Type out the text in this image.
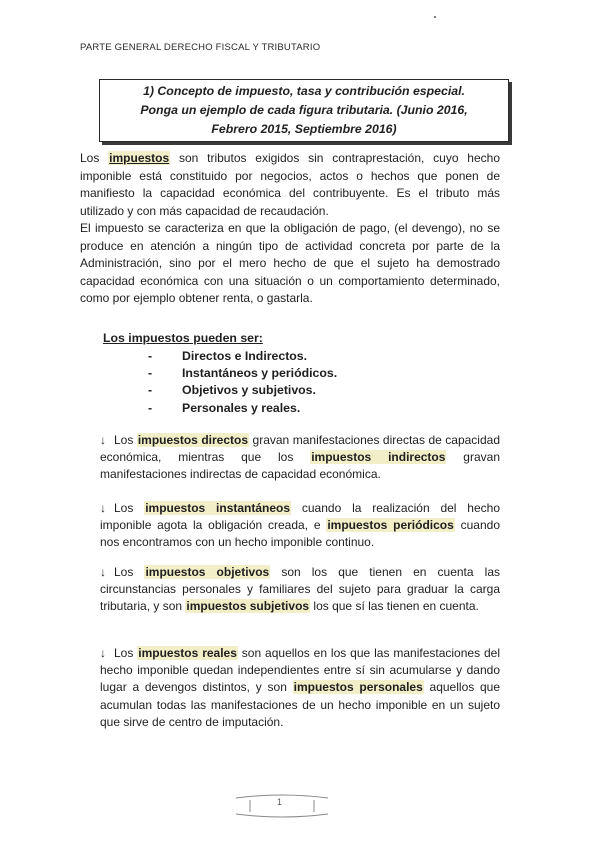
PARTE GENERAL DERECHO FISCAL Y TRIBUTARIO
1) Concepto de impuesto, tasa y contribución especial.
Ponga un ejemplo de cada figura tributaria. (Junio 2016,
Febrero 2015, Septiembre 2016)
Los impuestos son tributos exigidos sin contraprestación, cuyo hecho imponible está constituido por negocios, actos o hechos que ponen de manifiesto la capacidad económica del contribuyente. Es el tributo más utilizado y con más capacidad de recaudación.
El impuesto se caracteriza en que la obligación de pago, (el devengo), no se produce en atención a ningún tipo de actividad concreta por parte de la Administración, sino por el mero hecho de que el sujeto ha demostrado capacidad económica con una situación o un comportamiento determinado, como por ejemplo obtener renta, o gastarla.
Los impuestos pueden ser:
-	Directos e Indirectos.
-	Instantáneos y periódicos.
-	Objetivos y subjetivos.
-	Personales y reales.
↓ Los impuestos directos gravan manifestaciones directas de capacidad económica, mientras que los impuestos indirectos gravan manifestaciones indirectas de capacidad económica.
↓ Los impuestos instantáneos cuando la realización del hecho imponible agota la obligación creada, e impuestos periódicos cuando nos encontramos con un hecho imponible continuo.
↓ Los impuestos objetivos son los que tienen en cuenta las circunstancias personales y familiares del sujeto para graduar la carga tributaria, y son impuestos subjetivos los que sí las tienen en cuenta.
↓ Los impuestos reales son aquellos en los que las manifestaciones del hecho imponible quedan independientes entre sí sin acumularse y dando lugar a devengos distintos, y son impuestos personales aquellos que acumulan todas las manifestaciones de un hecho imponible en un sujeto que sirve de centro de imputación.
1
